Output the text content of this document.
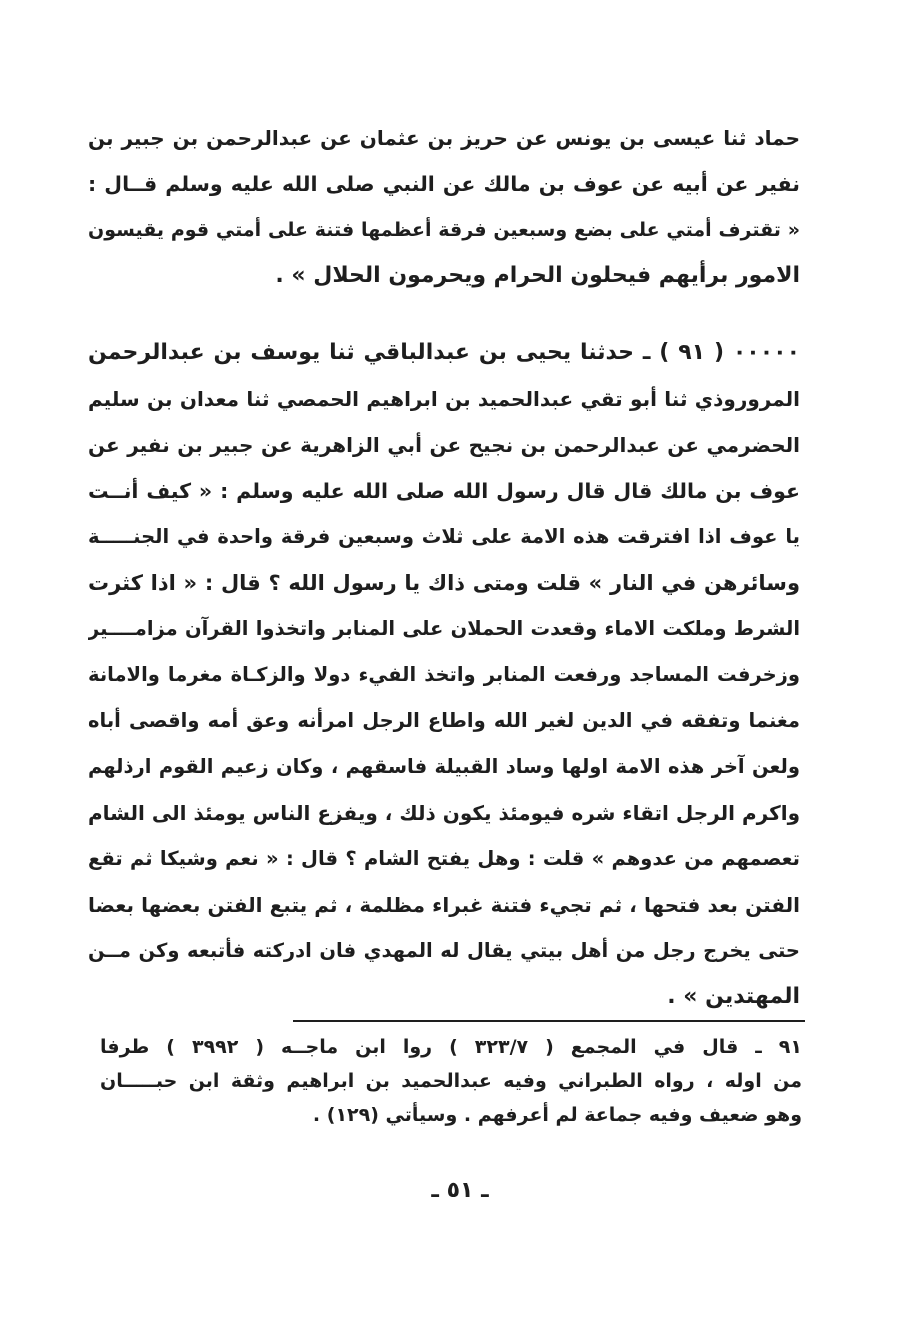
حماد ثنا عيسى بن يونس عن حريز بن عثمان عن عبدالرحمن بن جبير بن
نفير عن أبيه عن عوف بن مالك عن النبي صلى الله عليه وسلم قــال :
« تقترف أمتي على بضع وسبعين فرقة أعظمها فتنة على أمتي قوم يقيسون
الامور برأيهم فيحلون الحرام ويحرمون الحلال » .
٠٠٠٠٠ ( ٩١ ) ـ حدثنا يحيى بن عبدالباقي ثنا يوسف بن عبدالرحمن
المروروذي ثنا أبو تقي عبدالحميد بن ابراهيم الحمصي ثنا معدان بن سليم
الحضرمي عن عبدالرحمن بن نجيح عن أبي الزاهرية عن جبير بن نفير عن
عوف بن مالك قال قال رسول الله صلى الله عليه وسلم : « كيف أنــت
يا عوف اذا افترقت هذه الامة على ثلاث وسبعين فرقة واحدة في الجنـــــة
وسائرهن في النار » قلت ومتى ذاك يا رسول الله ؟ قال : « اذا كثرت
الشرط وملكت الاماء وقعدت الحملان على المنابر واتخذوا القرآن مزامــــير
وزخرفت المساجد ورفعت المنابر واتخذ الفيء دولا والزكـاة مغرما والامانة
مغنما وتفقه في الدين لغير الله واطاع الرجل امرأنه وعق أمه واقصى أباه
ولعن آخر هذه الامة اولها وساد القبيلة فاسقهم ، وكان زعيم القوم ارذلهم
واكرم الرجل اتقاء شره فيومئذ يكون ذلك ، ويفزع الناس يومئذ الى الشام
تعصمهم من عدوهم » قلت : وهل يفتح الشام ؟ قال : « نعم وشيكا ثم تقع
الفتن بعد فتحها ، ثم تجيء فتنة غبراء مظلمة ، ثم يتبع الفتن بعضها بعضا
حتى يخرج رجل من أهل بيتي يقال له المهدي فان ادركته فأتبعه وكن مــن
المهتدين » .
٩١ ـ قال في المجمع ( ٣٢٣/٧ ) روا ابن ماجــه ( ٣٩٩٢ ) طرفا
من اوله ، رواه الطبراني وفيه عبدالحميد بن ابراهيم وثقة ابن حبـــــان
وهو ضعيف وفيه جماعة لم أعرفهم . وسيأتي (١٢٩) .
ـ ٥١ ـ
